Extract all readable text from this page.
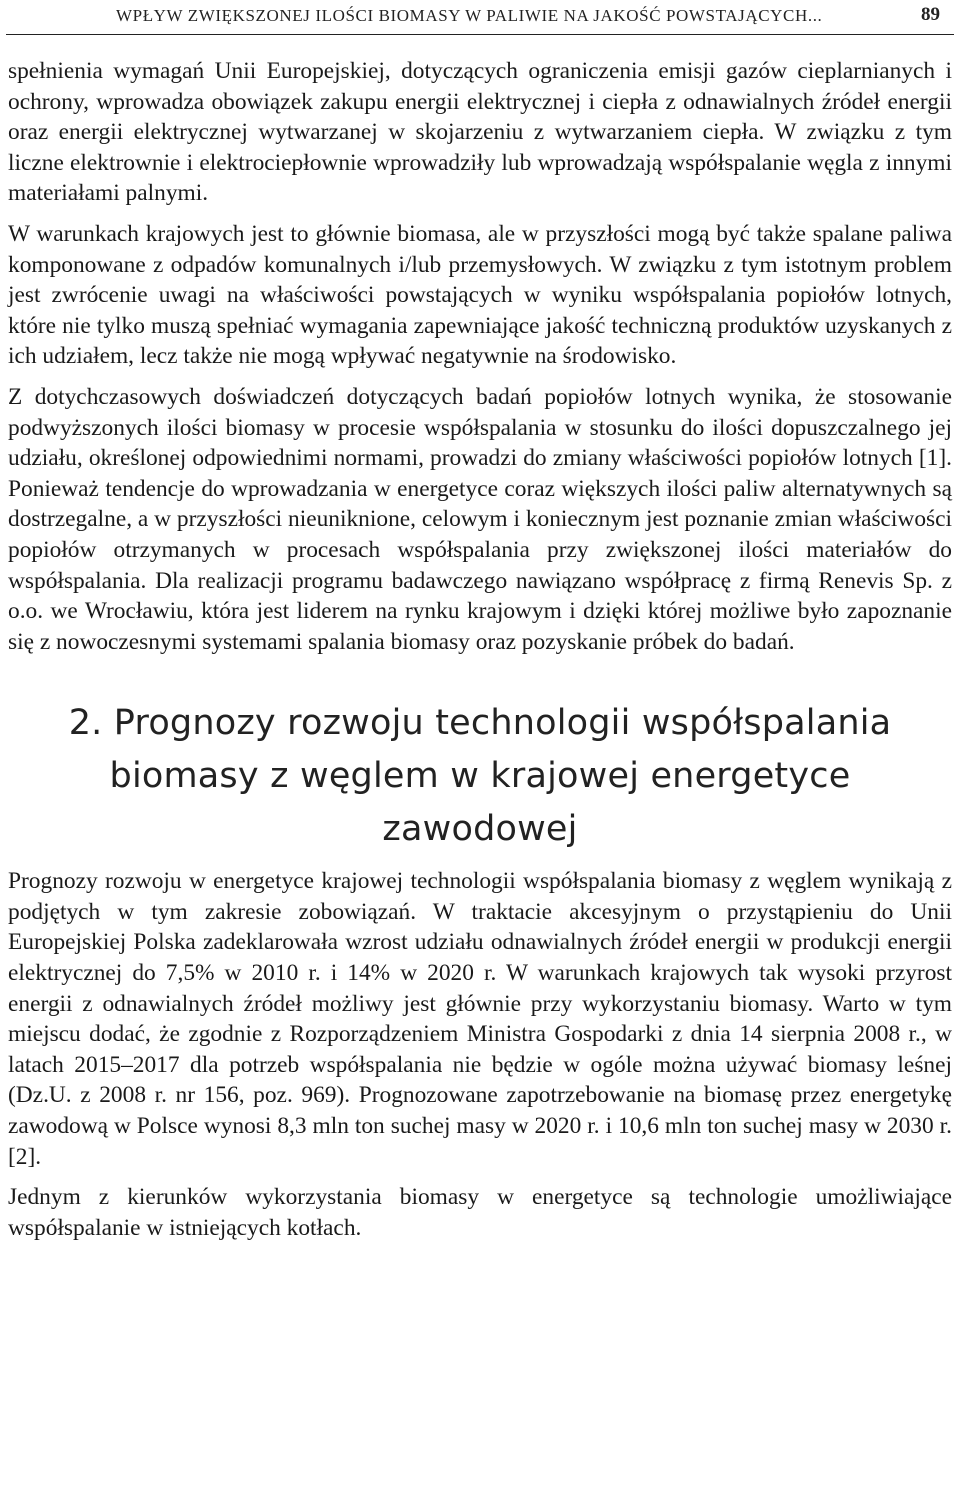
WPŁYW ZWIĘKSZONEJ ILOŚCI BIOMASY W PALIWIE NA JAKOŚĆ POWSTAJĄCYCH...	89

spełnienia wymagań Unii Europejskiej, dotyczących ograniczenia emisji gazów cieplarnianych i ochrony, wprowadza obowiązek zakupu energii elektrycznej i ciepła z odnawialnych źródeł energii oraz energii elektrycznej wytwarzanej w skojarzeniu z wytwarzaniem ciepła. W związku z tym liczne elektrownie i elektrociepłownie wprowadziły lub wprowadzają współspalanie węgla z innymi materiałami palnymi.

W warunkach krajowych jest to głównie biomasa, ale w przyszłości mogą być także spalane paliwa komponowane z odpadów komunalnych i/lub przemysłowych. W związku z tym istotnym problem jest zwrócenie uwagi na właściwości powstających w wyniku współspalania popiołów lotnych, które nie tylko muszą spełniać wymagania zapewniające jakość techniczną produktów uzyskanych z ich udziałem, lecz także nie mogą wpływać negatywnie na środowisko.

Z dotychczasowych doświadczeń dotyczących badań popiołów lotnych wynika, że stosowanie podwyższonych ilości biomasy w procesie współspalania w stosunku do ilości dopuszczalnego jej udziału, określonej odpowiednimi normami, prowadzi do zmiany właściwości popiołów lotnych [1]. Ponieważ tendencje do wprowadzania w energetyce coraz większych ilości paliw alternatywnych są dostrzegalne, a w przyszłości nieuniknione, celowym i koniecznym jest poznanie zmian właściwości popiołów otrzymanych w procesach współspalania przy zwiększonej ilości materiałów do współspalania. Dla realizacji programu badawczego nawiązano współpracę z firmą Renevis Sp. z o.o. we Wrocławiu, która jest liderem na rynku krajowym i dzięki której możliwe było zapoznanie się z nowoczesnymi systemami spalania biomasy oraz pozyskanie próbek do badań.

2. Prognozy rozwoju technologii współspalania
biomasy z węglem w krajowej energetyce zawodowej

Prognozy rozwoju w energetyce krajowej technologii współspalania biomasy z węglem wynikają z podjętych w tym zakresie zobowiązań. W traktacie akcesyjnym o przystąpieniu do Unii Europejskiej Polska zadeklarowała wzrost udziału odnawialnych źródeł energii w produkcji energii elektrycznej do 7,5% w 2010 r. i 14% w 2020 r. W warunkach krajowych tak wysoki przyrost energii z odnawialnych źródeł możliwy jest głównie przy wykorzystaniu biomasy. Warto w tym miejscu dodać, że zgodnie z Rozporządzeniem Ministra Gospodarki z dnia 14 sierpnia 2008 r., w latach 2015–2017 dla potrzeb współspalania nie będzie w ogóle można używać biomasy leśnej (Dz.U. z 2008 r. nr 156, poz. 969). Prognozowane zapotrzebowanie na biomasę przez energetykę zawodową w Polsce wynosi 8,3 mln ton suchej masy w 2020 r. i 10,6 mln ton suchej masy w 2030 r. [2].

Jednym z kierunków wykorzystania biomasy w energetyce są technologie umożliwiające współspalanie w istniejących kotłach.
